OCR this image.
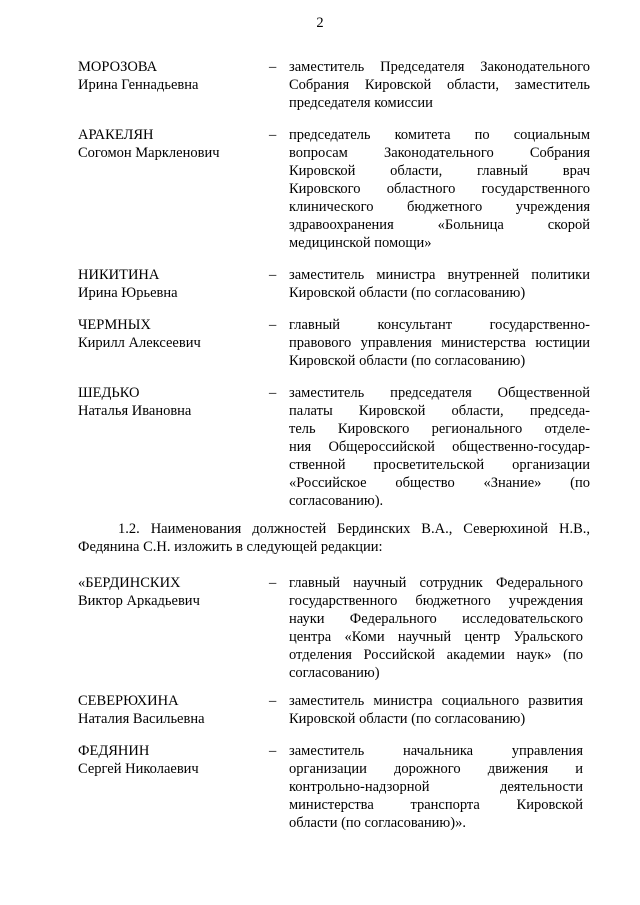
2
МОРОЗОВА
Ирина Геннадьевна
– заместитель Председателя Законодательного
Собрания Кировской области, заместитель
председателя комиссии
АРАКЕЛЯН
Согомон Маркленович
– председатель комитета по социальным
вопросам Законодательного Собрания
Кировской области, главный врач
Кировского областного государственного
клинического бюджетного учреждения
здравоохранения «Больница скорой
медицинской помощи»
НИКИТИНА
Ирина Юрьевна
– заместитель министра внутренней политики
Кировской области (по согласованию)
ЧЕРМНЫХ
Кирилл Алексеевич
– главный консультант государственно-
правового управления министерства юстиции
Кировской области (по согласованию)
ШЕДЬКО
Наталья Ивановна
– заместитель председателя Общественной
палаты Кировской области, председа-
тель Кировского регионального отделе-
ния Общероссийской общественно-государ-
ственной просветительской организации
«Российское общество «Знание» (по
согласованию).
1.2. Наименования должностей Бердинских В.А., Северюхиной Н.В.,
Федянина С.Н. изложить в следующей редакции:
«БЕРДИНСКИХ
Виктор Аркадьевич
– главный научный сотрудник Федерального
государственного бюджетного учреждения
науки Федерального исследовательского
центра «Коми научный центр Уральского
отделения Российской академии наук» (по
согласованию)
СЕВЕРЮХИНА
Наталия Васильевна
– заместитель министра социального развития
Кировской области (по согласованию)
ФЕДЯНИН
Сергей Николаевич
– заместитель начальника управления
организации дорожного движения и
контрольно-надзорной деятельности
министерства транспорта Кировской
области (по согласованию)».
